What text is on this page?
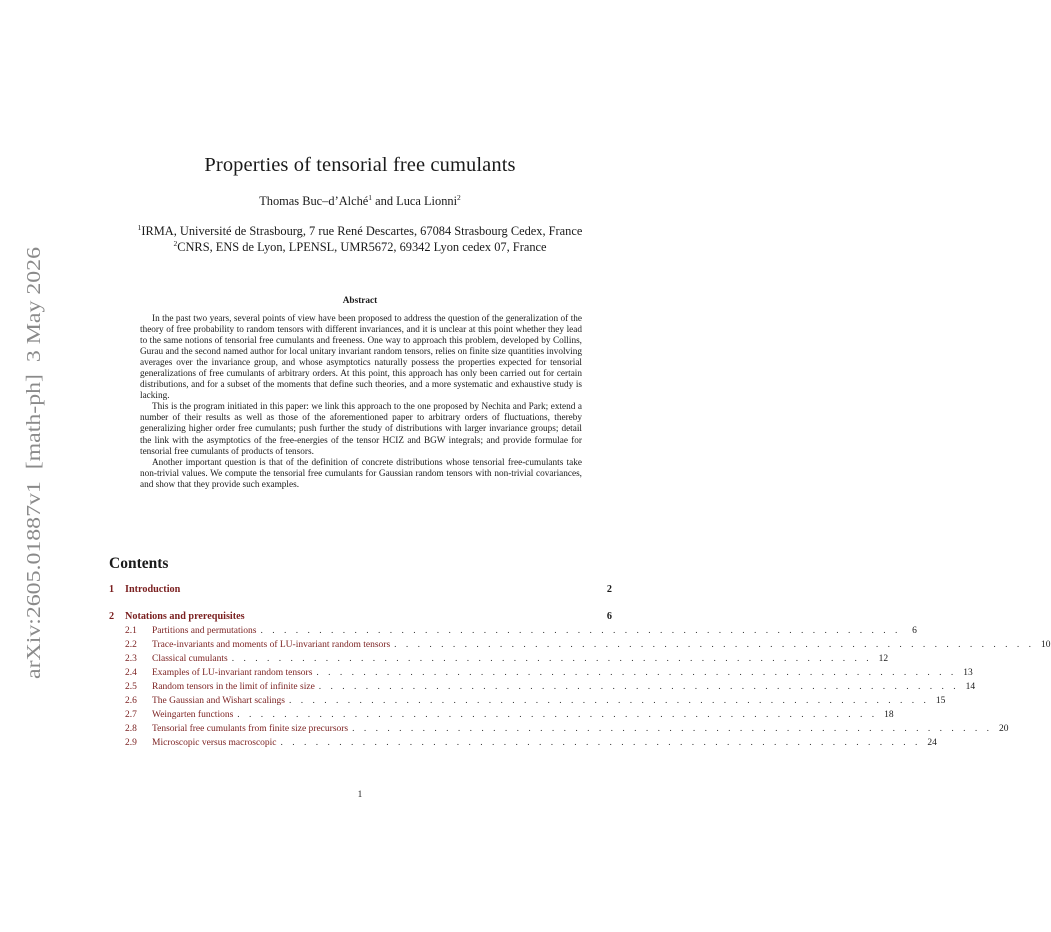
arXiv:2605.01887v1  [math-ph]  3 May 2026
Properties of tensorial free cumulants
Thomas Buc–d’Alché$^1$ and Luca Lionni$^2$
$^1$IRMA, Université de Strasbourg, 7 rue René Descartes, 67084 Strasbourg Cedex, France
$^2$CNRS, ENS de Lyon, LPENSL, UMR5672, 69342 Lyon cedex 07, France
Abstract

In the past two years, several points of view have been proposed to address the question of the generalization of the theory of free probability to random tensors with different invariances, and it is unclear at this point whether they lead to the same notions of tensorial free cumulants and freeness. One way to approach this problem, developed by Collins, Gurau and the second named author for local unitary invariant random tensors, relies on finite size quantities involving averages over the invariance group, and whose asymptotics naturally possess the properties expected for tensorial generalizations of free cumulants of arbitrary orders. At this point, this approach has only been carried out for certain distributions, and for a subset of the moments that define such theories, and a more systematic and exhaustive study is lacking.

This is the program initiated in this paper: we link this approach to the one proposed by Nechita and Park; extend a number of their results as well as those of the aforementioned paper to arbitrary orders of fluctuations, thereby generalizing higher order free cumulants; push further the study of distributions with larger invariance groups; detail the link with the asymptotics of the free-energies of the tensor HCIZ and BGW integrals; and provide formulae for tensorial free cumulants of products of tensors.

Another important question is that of the definition of concrete distributions whose tensorial free-cumulants take non-trivial values. We compute the tensorial free cumulants for Gaussian random tensors with non-trivial covariances, and show that they provide such examples.

Contents
1	Introduction	2
2	Notations and prerequisites	6
2.1	Partitions and permutations . . . . . . . . . . . . . . . . . . . . . . . . . . . . . . . . . . . . . . . . . . . . . . . . . . . . . . .	6
2.2	Trace-invariants and moments of LU-invariant random tensors . . . . . . . . . . . . . . . . . . . . . . . . . . . . . . . . . . . . . . . . . . . . . . . . . . . . . . . 10
2.3	Classical cumulants . . . . . . . . . . . . . . . . . . . . . . . . . . . . . . . . . . . . . . . . . . . . . . . . . . . . . . . 12
2.4	Examples of LU-invariant random tensors . . . . . . . . . . . . . . . . . . . . . . . . . . . . . . . . . . . . . . . . . . . . . . . . . . . . . . . 13
2.5	Random tensors in the limit of infinite size . . . . . . . . . . . . . . . . . . . . . . . . . . . . . . . . . . . . . . . . . . . . . . . . . . . . . . . 14
2.6	The Gaussian and Wishart scalings . . . . . . . . . . . . . . . . . . . . . . . . . . . . . . . . . . . . . . . . . . . . . . . . . . . . . . . 15
2.7	Weingarten functions . . . . . . . . . . . . . . . . . . . . . . . . . . . . . . . . . . . . . . . . . . . . . . . . . . . . . . . 18
2.8	Tensorial free cumulants from finite size precursors . . . . . . . . . . . . . . . . . . . . . . . . . . . . . . . . . . . . . . . . . . . . . . . . . . . . . . . 20
2.9	Microscopic versus macroscopic . . . . . . . . . . . . . . . . . . . . . . . . . . . . . . . . . . . . . . . . . . . . . . . . . . . . . . . 24
1
